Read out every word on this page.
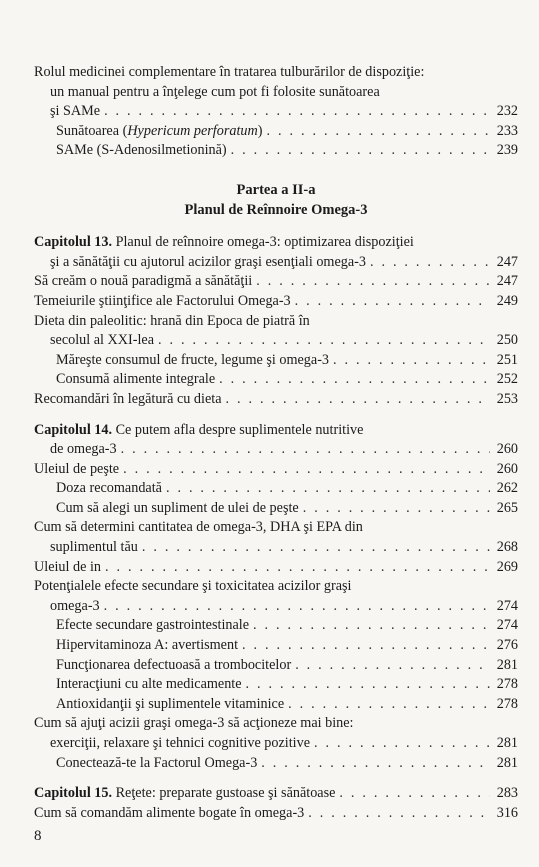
Rolul medicinei complementare în tratarea tulburărilor de dispoziţie:
un manual pentru a înţelege cum pot fi folosite sunătoarea
şi SAMe . . .	232
Sunătoarea (Hypericum perforatum) . . .	233
SAMe (S-Adenosilmetionină) . . .	239
Partea a II-a
Planul de Reînnoire Omega-3
Capitolul 13. Planul de reînnoire omega-3: optimizarea dispoziţiei
şi a sănătăţii cu ajutorul acizilor graşi esenţiali omega-3 . . .	247
Să creăm o nouă paradigmă a sănătăţii . . .	247
Temeiurile ştiinţifice ale Factorului Omega-3 . . .	249
Dieta din paleolitic: hrană din Epoca de piatră în
secolul al XXI-lea . . .	250
Măreşte consumul de fructe, legume şi omega-3 . . .	251
Consumă alimente integrale . . .	252
Recomandări în legătură cu dieta . . .	253
Capitolul 14. Ce putem afla despre suplimentele nutritive
de omega-3 . . .	260
Uleiul de peşte . . .	260
Doza recomandată . . .	262
Cum să alegi un supliment de ulei de peşte . . .	265
Cum să determini cantitatea de omega-3, DHA şi EPA din
suplimentul tău . . .	268
Uleiul de in . . .	269
Potenţialele efecte secundare şi toxicitatea acizilor graşi
omega-3 . . .	274
Efecte secundare gastrointestinale . . .	274
Hipervitaminoza A: avertisment . . .	276
Funcţionarea defectuoasă a trombocitelor . . .	281
Interacţiuni cu alte medicamente . . .	278
Antioxidanţii şi suplimentele vitaminice . . .	278
Cum să ajuţi acizii graşi omega-3 să acţioneze mai bine:
exerciţii, relaxare şi tehnici cognitive pozitive . . .	281
Conectează-te la Factorul Omega-3 . . .	281
Capitolul 15. Reţete: preparate gustoase şi sănătoase . . .	283
Cum să comandăm alimente bogate în omega-3 . . .	316
8
